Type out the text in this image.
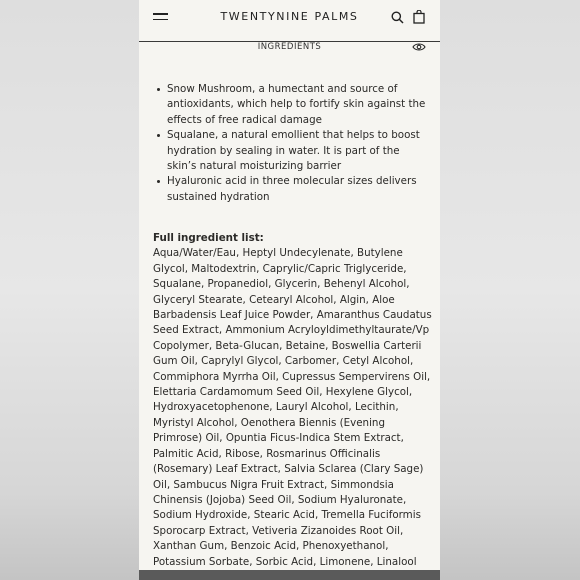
TWENTYNINE PALMS
INGREDIENTS
Snow Mushroom, a humectant and source of antioxidants, which help to fortify skin against the effects of free radical damage
Squalane, a natural emollient that helps to boost hydration by sealing in water. It is part of the skin’s natural moisturizing barrier
Hyaluronic acid in three molecular sizes delivers sustained hydration
Full ingredient list:
Aqua/Water/Eau, Heptyl Undecylenate, Butylene Glycol, Maltodextrin, Caprylic/Capric Triglyceride, Squalane, Propanediol, Glycerin, Behenyl Alcohol, Glyceryl Stearate, Cetearyl Alcohol, Algin, Aloe Barbadensis Leaf Juice Powder, Amaranthus Caudatus Seed Extract, Ammonium Acryloyldimethyltaurate/Vp Copolymer, Beta-Glucan, Betaine, Boswellia Carterii Gum Oil, Caprylyl Glycol, Carbomer, Cetyl Alcohol, Commiphora Myrrha Oil, Cupressus Sempervirens Oil, Elettaria Cardamomum Seed Oil, Hexylene Glycol, Hydroxyacetophenone, Lauryl Alcohol, Lecithin, Myristyl Alcohol, Oenothera Biennis (Evening Primrose) Oil, Opuntia Ficus-Indica Stem Extract, Palmitic Acid, Ribose, Rosmarinus Officinalis (Rosemary) Leaf Extract, Salvia Sclarea (Clary Sage) Oil, Sambucus Nigra Fruit Extract, Simmondsia Chinensis (Jojoba) Seed Oil, Sodium Hyaluronate, Sodium Hydroxide, Stearic Acid, Tremella Fuciformis Sporocarp Extract, Vetiveria Zizanoides Root Oil, Xanthan Gum, Benzoic Acid, Phenoxyethanol, Potassium Sorbate, Sorbic Acid, Limonene, Linalool
